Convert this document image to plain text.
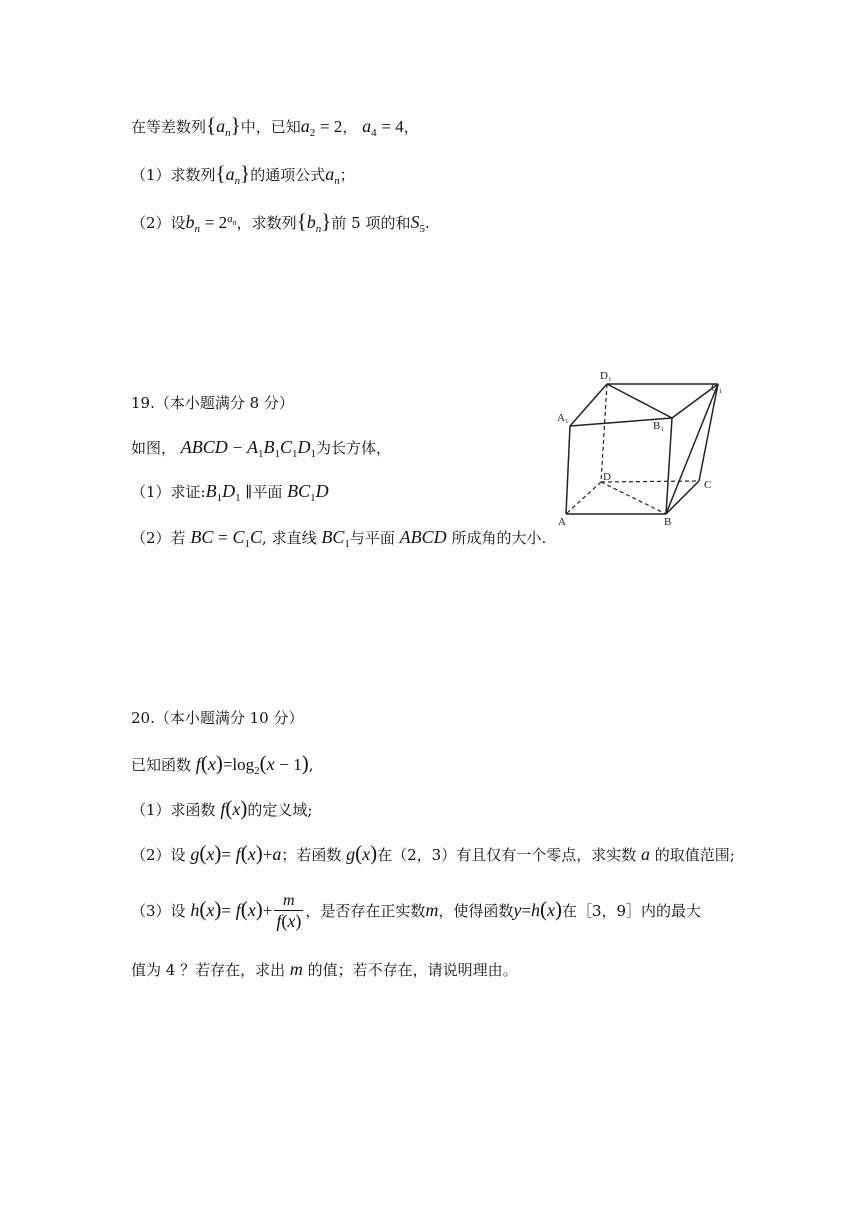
在等差数列$\{a_n\}$中，已知$a_2 = 2$， $a_4 = 4$，
（1）求数列$\{a_n\}$的通项公式$a_n$；
（2）设$b_n = 2^{a_n}$，求数列$\{b_n\}$前 5 项的和$S_5$.
19.（本小题满分 8 分）
如图， ABCD − $A_1B_1C_1D_1$为长方体，
（1）求证$:B_1D_1$ ∥平面 $BC_1D$
（2）若 BC = $C_1C$, 求直线 $BC_1$与平面 ABCD 所成角的大小.
D₁
C₁
A₁
B₁
D
C
A	B
20.（本小题满分 10 分）
已知函数 $f(x)=\log_2(x - 1)$,
（1）求函数 f(x)的定义域;
（2）设 g(x)= f(x)+a；若函数 g(x)在（2，3）有且仅有一个零点，求实数 a 的取值范围;
（3）设 $h(x)= f(x)+ \frac{m}{f(x)}$ ，是否存在正实数m，使得函数y=h(x)在［3，9］内的最大
值为 4 ？若存在，求出 m 的值；若不存在，请说明理由。
